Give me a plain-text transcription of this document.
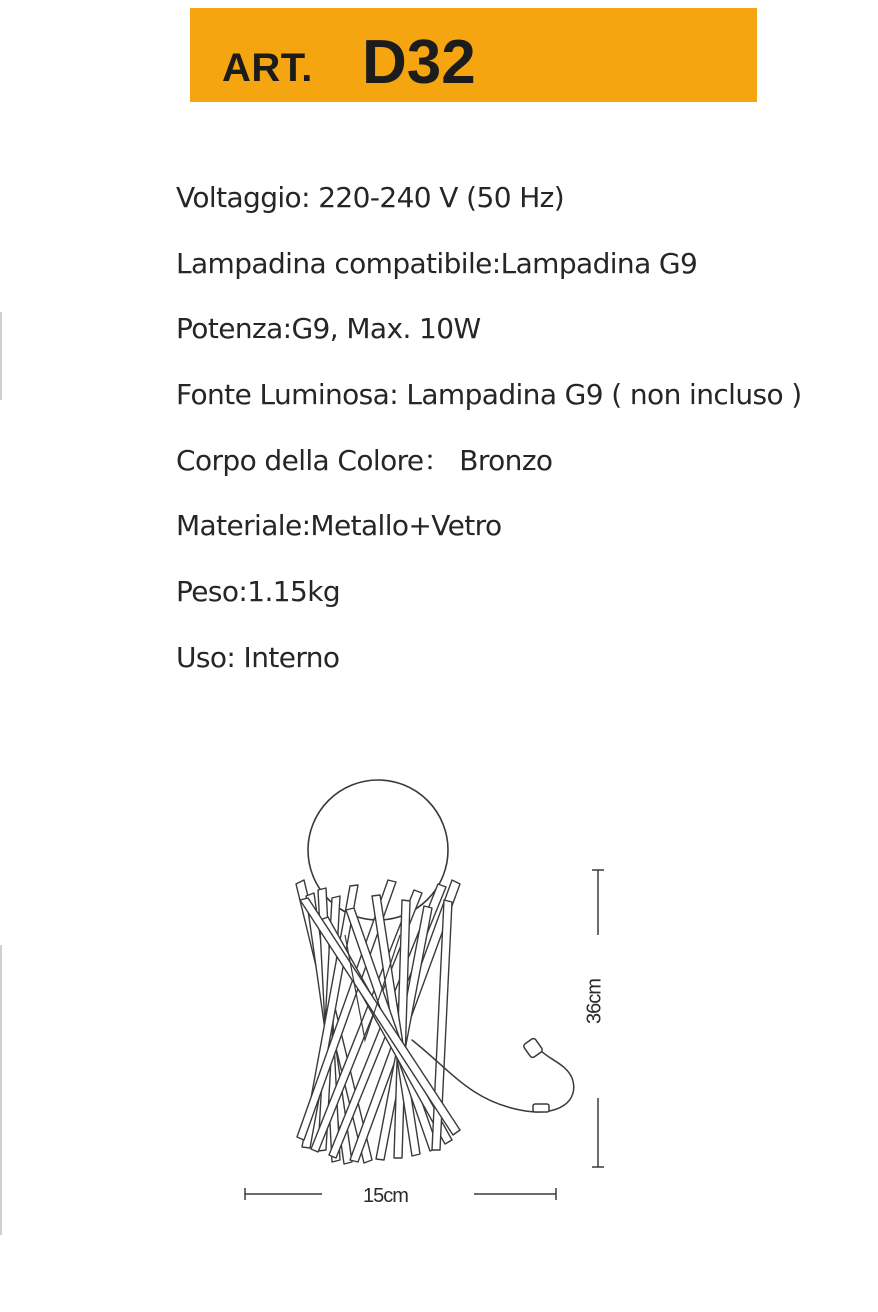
ART. D32
Voltaggio: 220-240 V (50 Hz)
Lampadina compatibile:Lampadina G9
Potenza:G9, Max. 10W
Fonte Luminosa: Lampadina G9 ( non incluso )
Corpo della Colore： Bronzo
Materiale:Metallo+Vetro
Peso:1.15kg
Uso: Interno
15cm
36cm
